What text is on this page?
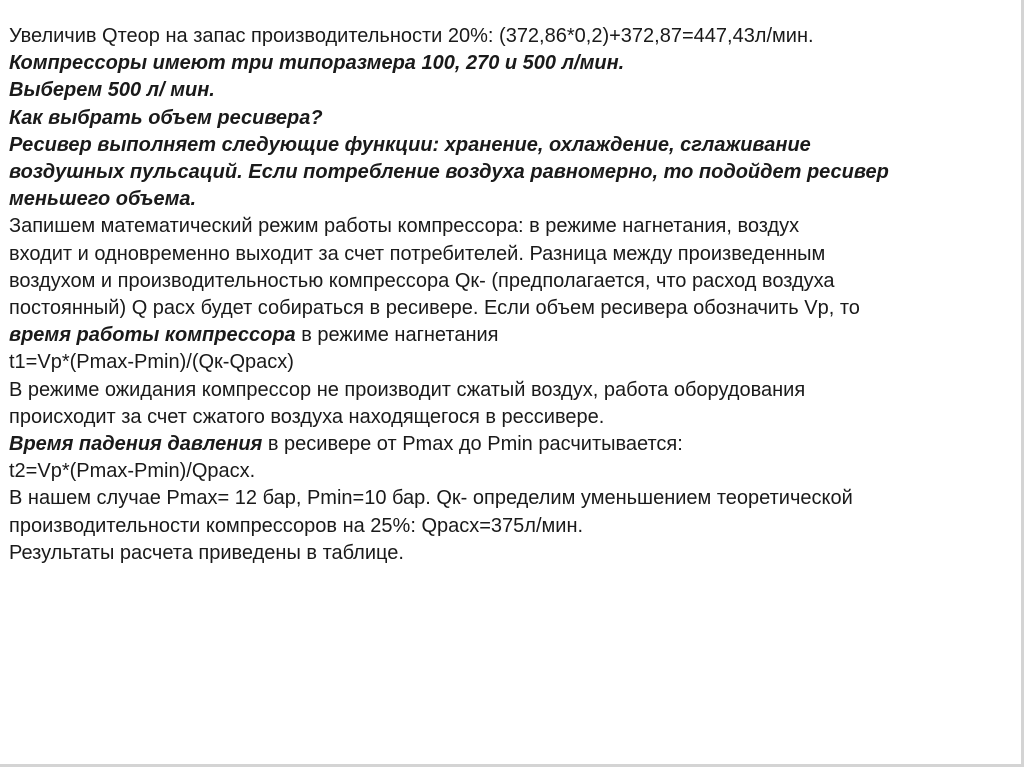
Увеличив Qтеор на запас производительности 20%: (372,86*0,2)+372,87=447,43л/мин.
Компрессоры имеют три типоразмера 100, 270 и 500 л/мин.
Выберем 500 л/ мин.
Как выбрать объем ресивера?
Ресивер выполняет следующие функции: хранение, охлаждение, сглаживание
воздушных пульсаций. Если потребление воздуха равномерно, то подойдет ресивер
меньшего объема.
Запишем математический режим работы компрессора: в режиме нагнетания, воздух
входит и одновременно выходит за счет потребителей. Разница между произведенным
воздухом и производительностью компрессора Qк- (предполагается, что расход воздуха
постоянный) Q расх будет собираться в ресивере. Если объем ресивера обозначить Vр, то
время работы компрессора в режиме нагнетания
t1=Vр*(Pmax-Pmin)/(Qк-Qрасх)
В режиме ожидания компрессор не производит сжатый воздух, работа оборудования
происходит за счет сжатого воздуха находящегося в рессивере.
Время падения давления в ресивере от Pmax до Pmin расчитывается:
t2=Vр*(Pmax-Pmin)/Qрасх.
В нашем случае Pmax= 12 бар, Pmin=10 бар. Qк- определим уменьшением теоретической
производительности компрессоров на 25%: Qрасх=375л/мин.
Результаты расчета приведены в таблице.
